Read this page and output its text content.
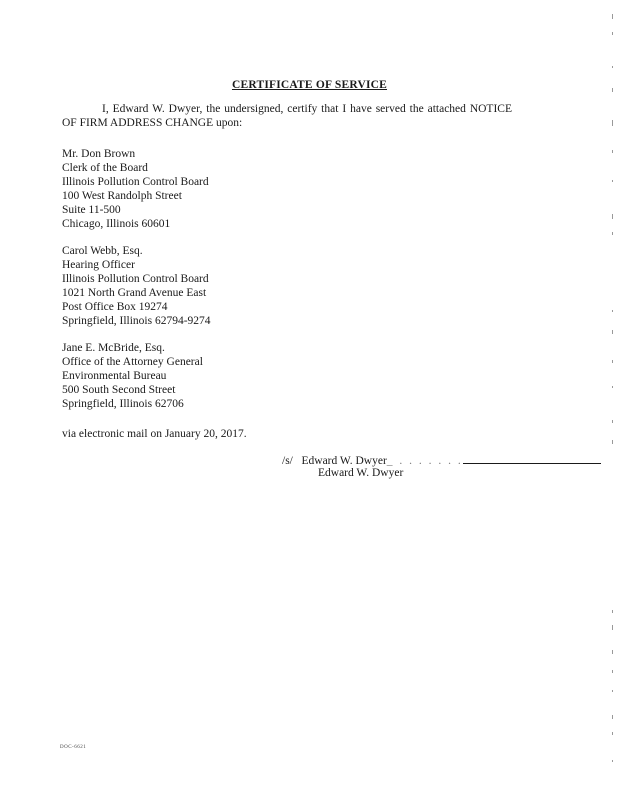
CERTIFICATE OF SERVICE
I, Edward W. Dwyer, the undersigned, certify that I have served the attached NOTICE OF FIRM ADDRESS CHANGE upon:
Mr. Don Brown
Clerk of the Board
Illinois Pollution Control Board
100 West Randolph Street
Suite 11-500
Chicago, Illinois 60601
Carol Webb, Esq.
Hearing Officer
Illinois Pollution Control Board
1021 North Grand Avenue East
Post Office Box 19274
Springfield, Illinois 62794-9274
Jane E. McBride, Esq.
Office of the Attorney General
Environmental Bureau
500 South Second Street
Springfield, Illinois 62706
via electronic mail on January 20, 2017.
/s/ Edward W. Dwyer_ . . . . . . .
Edward W. Dwyer
DOC-6621
